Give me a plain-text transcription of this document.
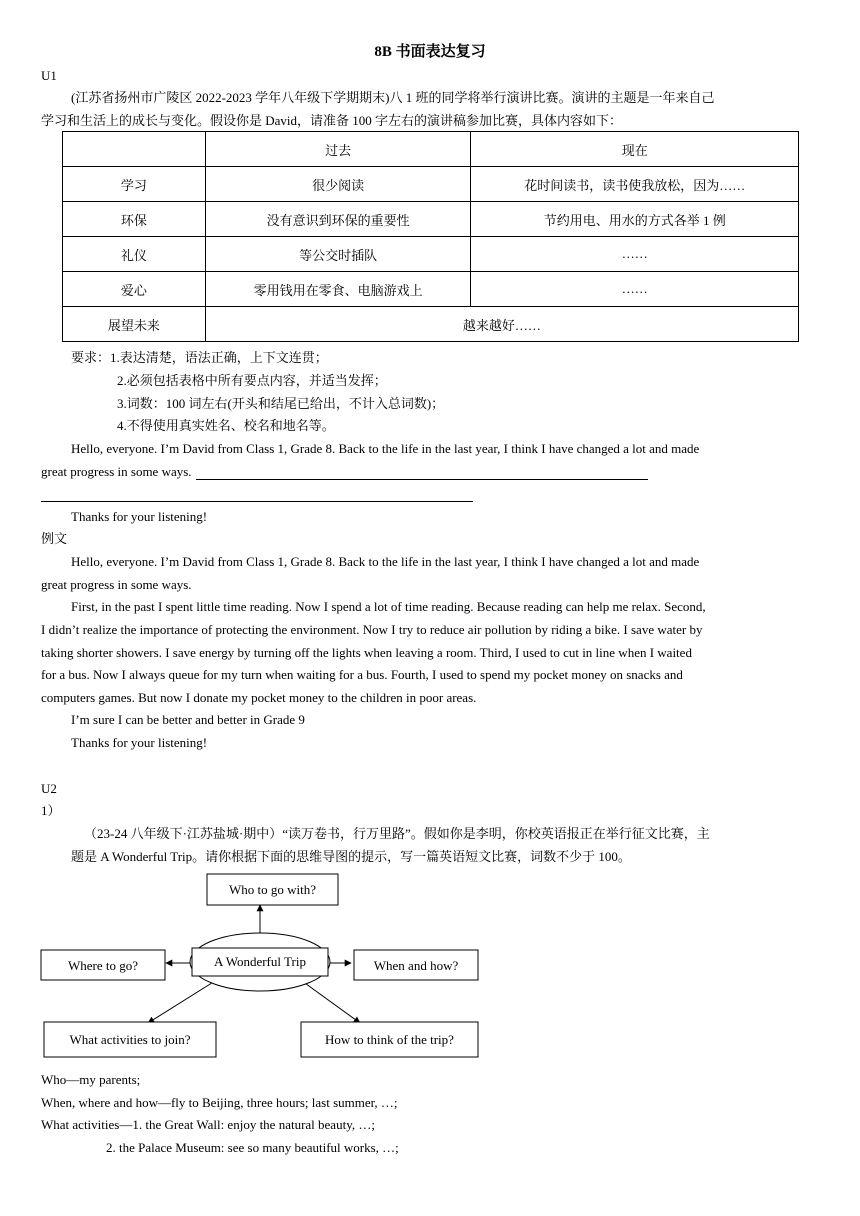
8B 书面表达复习
U1
(江苏省扬州市广陵区 2022-2023 学年八年级下学期期末)八 1 班的同学将举行演讲比赛。演讲的主题是一年来自己
学习和生活上的成长与变化。假设你是 David，请准备 100 字左右的演讲稿参加比赛，具体内容如下：
	过去	现在
学习	很少阅读	花时间读书，读书使我放松，因为……
环保	没有意识到环保的重要性	节约用电、用水的方式各举 1 例
礼仪	等公交时插队	……
爱心	零用钱用在零食、电脑游戏上	……
展望未来	越来越好……	
要求：1.表达清楚，语法正确，上下文连贯；
2.必须包括表格中所有要点内容，并适当发挥；
3.词数：100 词左右(开头和结尾已给出，不计入总词数)；
4.不得使用真实姓名、校名和地名等。
Hello, everyone. I’m David from Class 1, Grade 8. Back to the life in the last year, I think I have changed a lot and made
great progress in some ways.
Thanks for your listening!
例文
Hello, everyone. I’m David from Class 1, Grade 8. Back to the life in the last year, I think I have changed a lot and made
great progress in some ways.
First, in the past I spent little time reading. Now I spend a lot of time reading. Because reading can help me relax. Second,
I didn’t realize the importance of protecting the environment. Now I try to reduce air pollution by riding a bike. I save water by
taking shorter showers. I save energy by turning off the lights when leaving a room. Third, I used to cut in line when I waited
for a bus. Now I always queue for my turn when waiting for a bus. Fourth, I used to spend my pocket money on snacks and
computers games. But now I donate my pocket money to the children in poor areas.
I’m sure I can be better and better in Grade 9
Thanks for your listening!
U2
1）
（23-24 八年级下·江苏盐城·期中）“读万卷书，行万里路”。假如你是李明，你校英语报正在举行征文比赛，主
题是 A Wonderful Trip。请你根据下面的思维导图的提示，写一篇英语短文比赛，词数不少于 100。
A Wonderful Trip
Who to go with?
Where to go?	When and how?
What activities to join?	How to think of the trip?
Who—my parents;
When, where and how—fly to Beijing, three hours; last summer, …;
What activities—1. the Great Wall: enjoy the natural beauty, …;
2. the Palace Museum: see so many beautiful works, …;
